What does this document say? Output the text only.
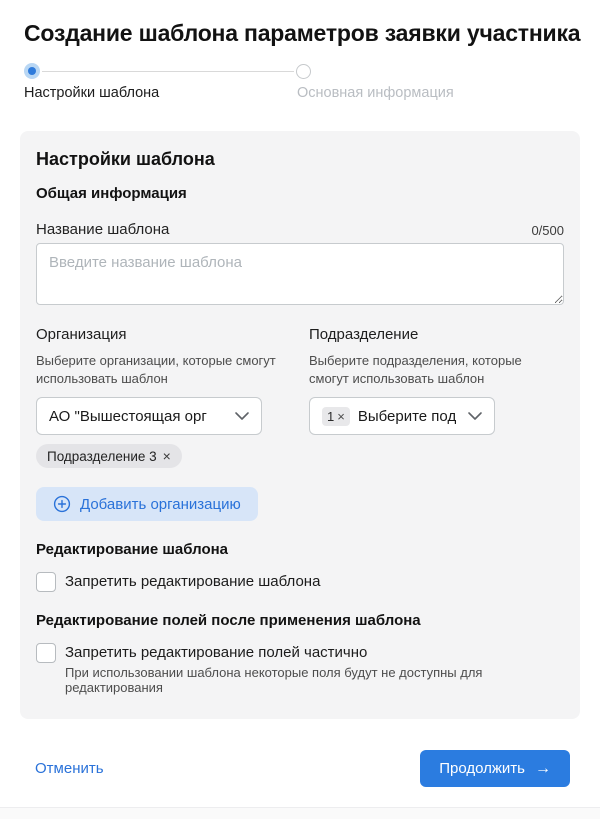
Создание шаблона параметров заявки участника
Настройки шаблона	Основная информация
Настройки шаблона
Общая информация
Название шаблона	0/500
Введите название шаблона
Организация
Выберите организации, которые смогут использовать шаблон
АО "Вышестоящая орг
Подразделение
Выберите подразделения, которые смогут использовать шаблон
1 × Выберите под
Подразделение 3 ×
Добавить организацию
Редактирование шаблона
Запретить редактирование шаблона
Редактирование полей после применения шаблона
Запретить редактирование полей частично
При использовании шаблона некоторые поля будут не доступны для редактирования
Отменить	Продолжить →
